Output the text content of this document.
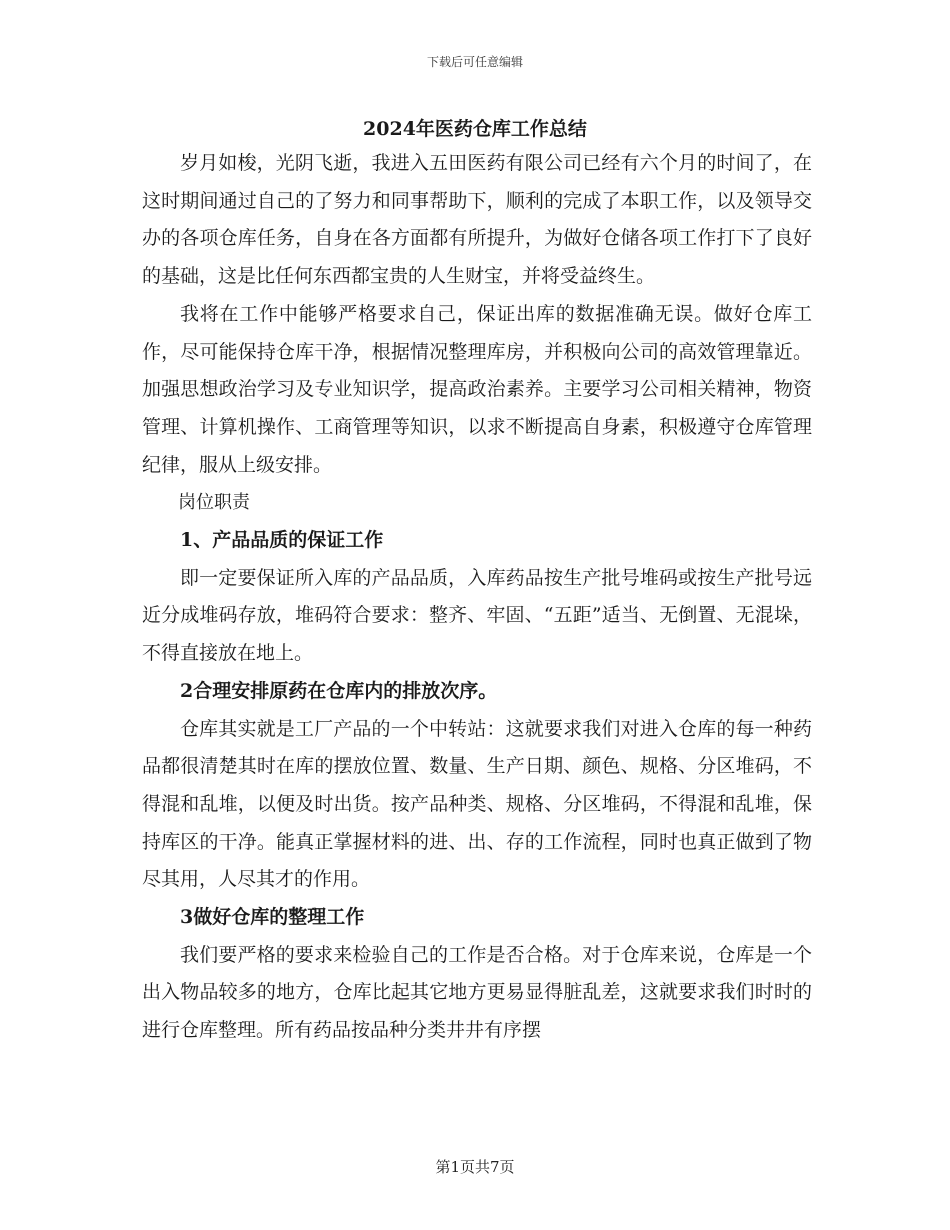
下载后可任意编辑
2024年医药仓库工作总结

岁月如梭，光阴飞逝，我进入五田医药有限公司已经有六个月的时间了，在这时期间通过自己的了努力和同事帮助下，顺利的完成了本职工作，以及领导交办的各项仓库任务，自身在各方面都有所提升，为做好仓储各项工作打下了良好的基础，这是比任何东西都宝贵的人生财宝，并将受益终生。

我将在工作中能够严格要求自己，保证出库的数据准确无误。做好仓库工作，尽可能保持仓库干净，根据情况整理库房，并积极向公司的高效管理靠近。加强思想政治学习及专业知识学，提高政治素养。主要学习公司相关精神，物资管理、计算机操作、工商管理等知识，以求不断提高自身素，积极遵守仓库管理纪律，服从上级安排。

岗位职责

1、产品品质的保证工作

即一定要保证所入库的产品品质，入库药品按生产批号堆码或按生产批号远近分成堆码存放，堆码符合要求：整齐、牢固、“五距”适当、无倒置、无混垛，不得直接放在地上。

2合理安排原药在仓库内的排放次序。

仓库其实就是工厂产品的一个中转站：这就要求我们对进入仓库的每一种药品都很清楚其时在库的摆放位置、数量、生产日期、颜色、规格、分区堆码，不得混和乱堆，以便及时出货。按产品种类、规格、分区堆码，不得混和乱堆，保持库区的干净。能真正掌握材料的进、出、存的工作流程，同时也真正做到了物尽其用，人尽其才的作用。

3做好仓库的整理工作

我们要严格的要求来检验自己的工作是否合格。对于仓库来说，仓库是一个出入物品较多的地方，仓库比起其它地方更易显得脏乱差，这就要求我们时时的进行仓库整理。所有药品按品种分类井井有序摆

第1页共7页
